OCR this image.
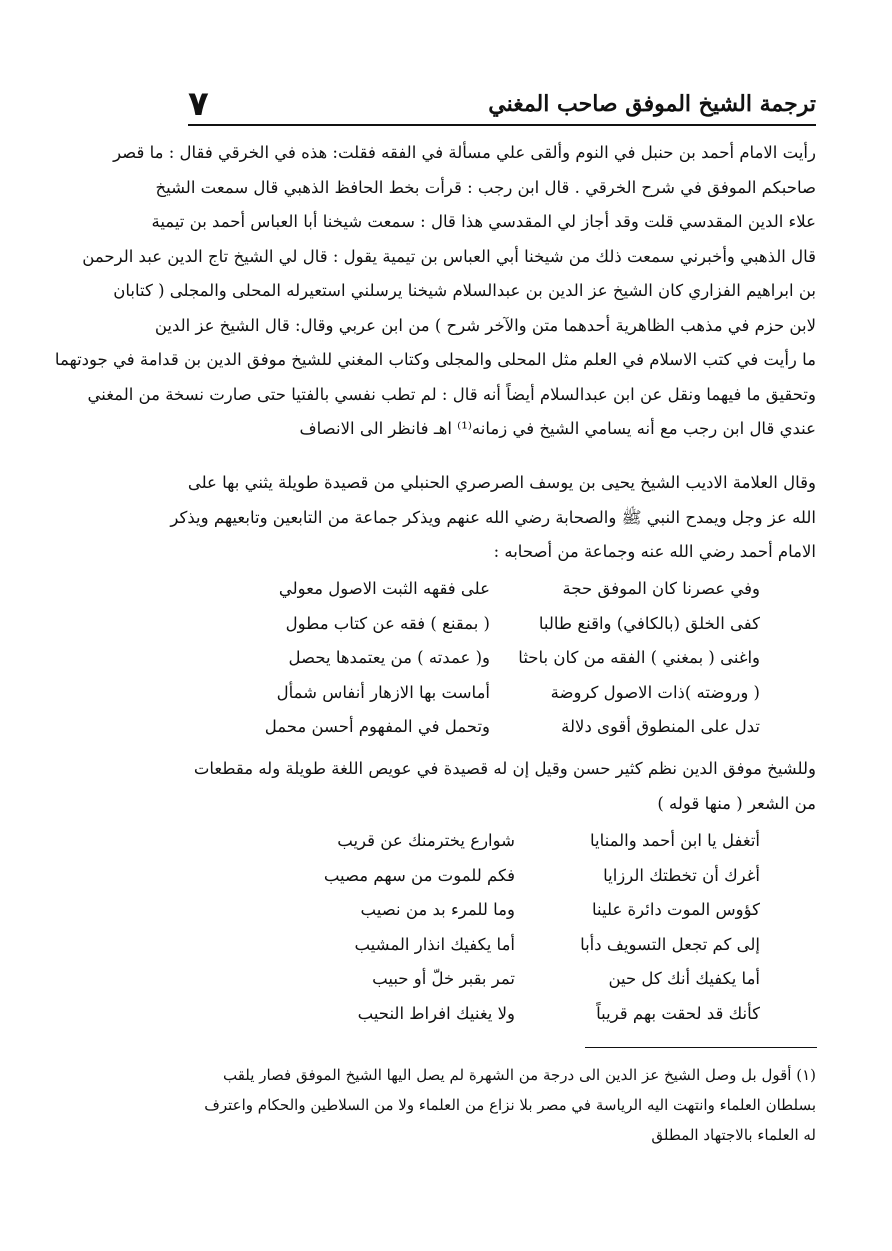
ترجمة الشيخ الموفق صاحب المغني
٧
رأيت الامام أحمد بن حنبل في النوم وألقى علي مسألة في الفقه فقلت: هذه في الخرقي فقال : ما قصر
صاحبكم الموفق في شرح الخرقي . قال ابن رجب : قرأت بخط الحافظ الذهبي قال سمعت الشيخ
علاء الدين المقدسي قلت وقد أجاز لي المقدسي هذا قال : سمعت شيخنا أبا العباس أحمد بن تيمية
قال الذهبي وأخبرني سمعت ذلك من شيخنا أبي العباس بن تيمية يقول : قال لي الشيخ تاج الدين عبد الرحمن
بن ابراهيم الفزاري كان الشيخ عز الدين بن عبدالسلام شيخنا يرسلني استعيرله المحلى والمجلى ( كتابان
لابن حزم في مذهب الظاهرية أحدهما متن والآخر شرح ) من ابن عربي وقال: قال الشيخ عز الدين
ما رأيت في كتب الاسلام في العلم مثل المحلى والمجلى وكتاب المغني للشيخ موفق الدين بن قدامة في جودتهما
وتحقيق ما فيهما ونقل عن ابن عبدالسلام أيضاً أنه قال : لم تطب نفسي بالفتيا حتى صارت نسخة من المغني
عندي قال ابن رجب مع أنه يسامي الشيخ في زمانه⁽¹⁾ اهـ فانظر الى الانصاف
وقال العلامة الاديب الشيخ يحيى بن يوسف الصرصري الحنبلي من قصيدة طويلة يثني بها على
الله عز وجل ويمدح النبي ﷺ والصحابة رضي الله عنهم ويذكر جماعة من التابعين وتابعيهم ويذكر
الامام أحمد رضي الله عنه وجماعة من أصحابه :
وفي عصرنا كان الموفق حجة
على فقهه الثبت الاصول معولي
كفى الخلق (بالكافي) واقنع طالبا
( بمقنع ) فقه عن كتاب مطول
واغنى ( بمغني ) الفقه من كان باحثا
و( عمدته ) من يعتمدها يحصل
( وروضته )ذات الاصول كروضة
أماست بها الازهار أنفاس شمأل
تدل على المنطوق أقوى دلالة
وتحمل في المفهوم أحسن محمل
وللشيخ موفق الدين نظم كثير حسن وقيل إن له قصيدة في عويص اللغة طويلة وله مقطعات
من الشعر ( منها قوله )
أتغفل يا ابن أحمد والمنايا
شوارع يخترمنك عن قريب
أغرك أن تخطتك الرزايا
فكم للموت من سهم مصيب
كؤوس الموت دائرة علينا
وما للمرء بد من نصيب
إلى كم تجعل التسويف دأبا
أما يكفيك انذار المشيب
أما يكفيك أنك كل حين
تمر بقبر خلّ أو حبيب
كأنك قد لحقت بهم قريباً
ولا يغنيك افراط النحيب
(١) أقول بل وصل الشيخ عز الدين الى درجة من الشهرة لم يصل اليها الشيخ الموفق فصار يلقب
بسلطان العلماء وانتهت اليه الرياسة في مصر بلا نزاع من العلماء ولا من السلاطين والحكام واعترف
له العلماء بالاجتهاد المطلق
